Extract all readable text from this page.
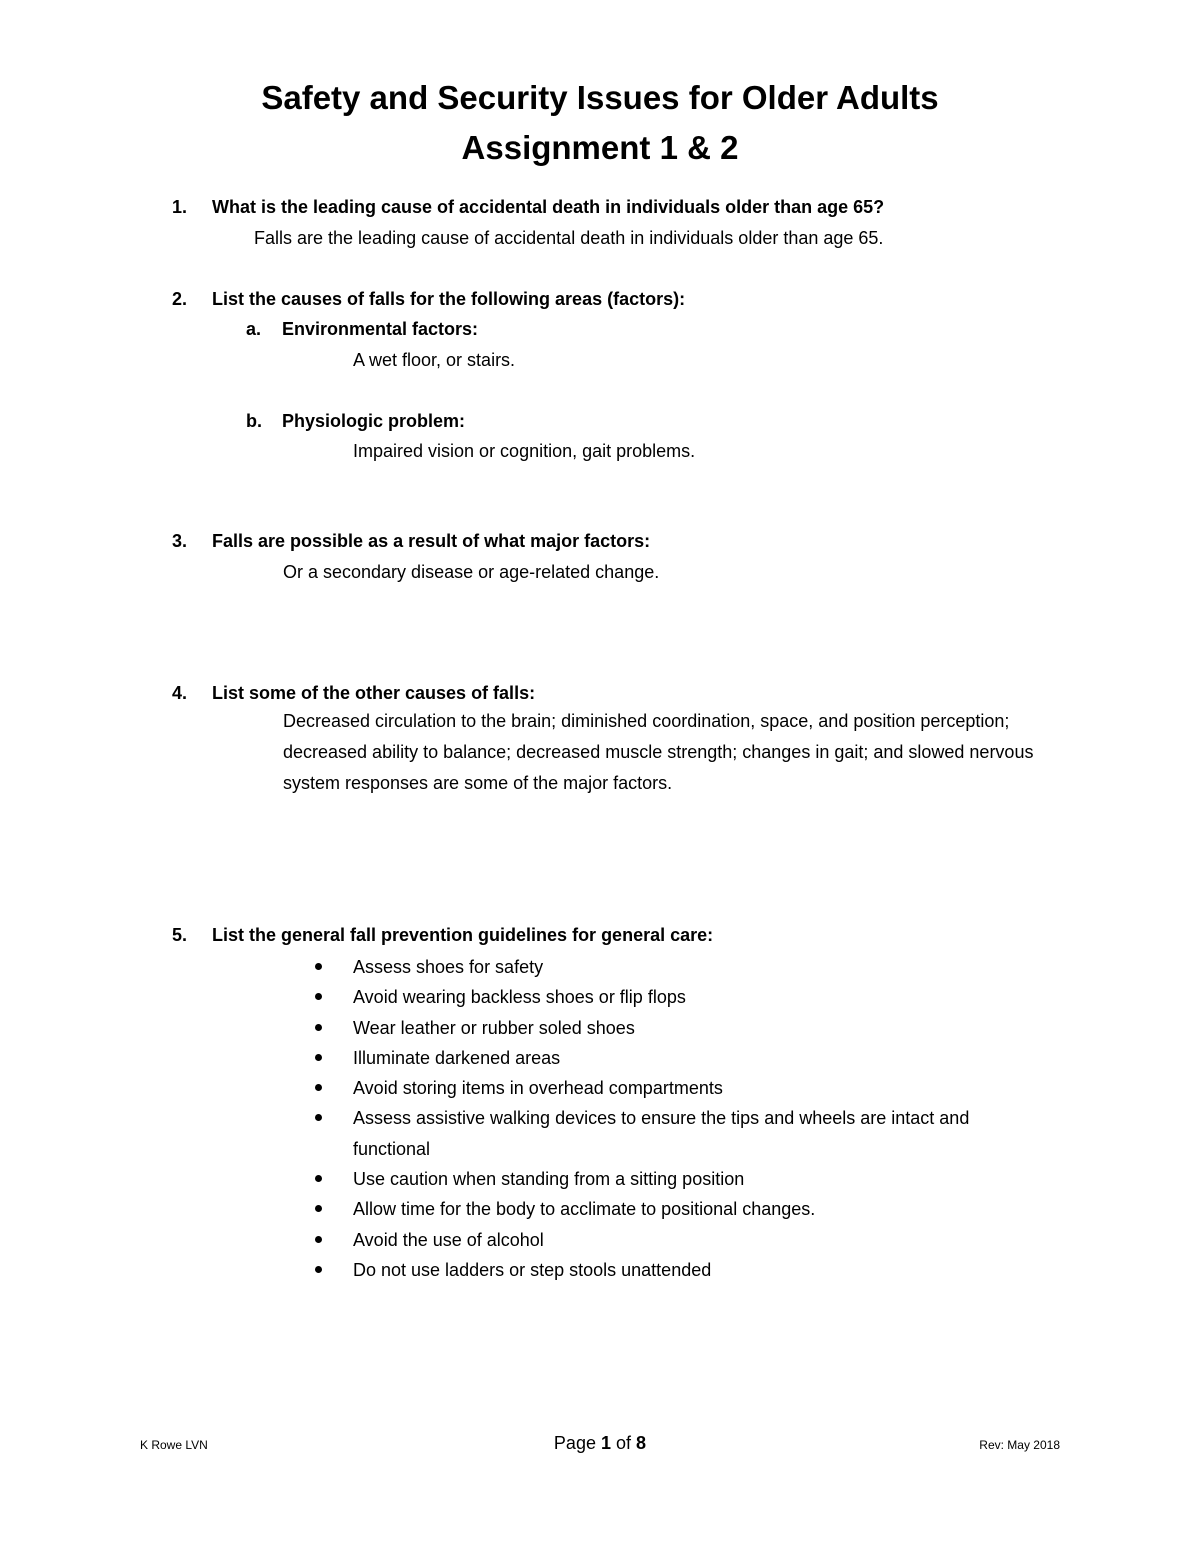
Safety and Security Issues for Older Adults
Assignment 1 & 2
1. What is the leading cause of accidental death in individuals older than age 65?
Falls are the leading cause of accidental death in individuals older than age 65.
2. List the causes of falls for the following areas (factors):
a. Environmental factors:
A wet floor, or stairs.
b. Physiologic problem:
Impaired vision or cognition, gait problems.
3. Falls are possible as a result of what major factors:
Or a secondary disease or age-related change.
4. List some of the other causes of falls:
Decreased circulation to the brain; diminished coordination, space, and position perception; decreased ability to balance; decreased muscle strength; changes in gait; and slowed nervous system responses are some of the major factors.
5. List the general fall prevention guidelines for general care:
Assess shoes for safety
Avoid wearing backless shoes or flip flops
Wear leather or rubber soled shoes
Illuminate darkened areas
Avoid storing items in overhead compartments
Assess assistive walking devices to ensure the tips and wheels are intact and functional
Use caution when standing from a sitting position
Allow time for the body to acclimate to positional changes.
Avoid the use of alcohol
Do not use ladders or step stools unattended
K Rowe LVN	Page 1 of 8	Rev: May 2018
